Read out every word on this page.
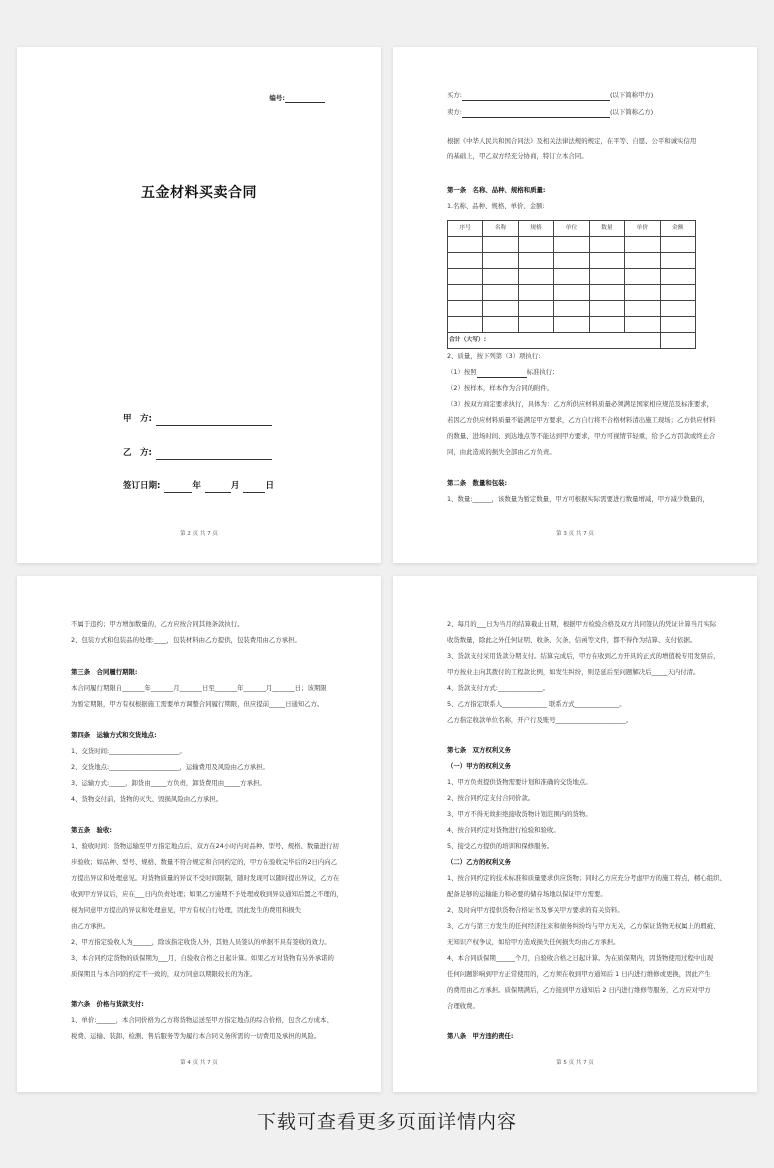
编号:
五金材料买卖合同
甲　方:
乙　方:
签订日期:	年	月	日
第 2 页 共 7 页
买方:	(以下简称甲方)
卖方:	(以下简称乙方)
根据《中华人民共和国合同法》及相关法律法规的规定，在平等、自愿、公平和诚实信用
的基础上，甲乙双方经充分协商，特订立本合同。
第一条　名称、品种、规格和质量:
1.名称、品种、规格、单价、金额:
序号	名称	规格	单位	数量	单价	金额

合计（大写）:						
2、质量，按下列第（3）项执行:
（1）按照	标准执行;
（2）按样本，样本作为合同的附件。
（3）按双方商定要求执行，具体为：乙方所供应材料质量必须满足国家相应规范及标准要求，
若因乙方供应材料质量不能满足甲方要求，乙方自行将不合格材料清出施工现场；乙方供应材料
的数量、进场时间、到达地点等不能达到甲方要求，甲方可视情节轻重，给予乙方罚款或终止合
同，由此造成的损失全部由乙方负责。
第二条　数量和包装:
1、数量:______，该数量为暂定数量，甲方可根据实际需要进行数量增减，甲方减少数量的，
第 3 页 共 7 页
不属于违约；甲方增加数量的，乙方应按合同其他条款执行。
2、包装方式和包装品的处理:____，包装材料由乙方提供，包装费用由乙方承担。
第三条　合同履行期限:
本合同履行期限自_______年_______月_______日至_______年_______月_______日；该期限
为暂定期限，甲方有权根据施工需要单方调整合同履行期限，但应提前_____日通知乙方。
第四条　运输方式和交货地点:
1、交货时间:______________________。
2、交货地点:______________________，运输费用及风险由乙方承担。
3、运输方式:_____，卸货由_____方负责，卸货费用由_____方承担。
4、货物交付前，货物的灭失、毁损风险由乙方承担。
第五条　验收:
1、验收时间：货物运输至甲方指定地点后，双方在24小时内对品种、型号、规格、数量进行初
步验收；如品种、型号、规格、数量不符合规定和合同约定的，甲方在验收完毕后的2日内向乙
方提出异议和处理意见。对货物质量的异议不受时间限制，随时发现可以随时提出异议，乙方在
收到甲方异议后，应在___日内负责处理；如果乙方逾期不予处理或收到异议通知后置之不理的，
视为同意甲方提出的异议和处理意见，甲方有权自行处理，因此发生的费用和损失
由乙方承担。
2、甲方指定验收人为______，除该指定收货人外，其他人员签认的单据不具有签收的效力。
3、本合同约定货物的质保期为___月，自验收合格之日起计算。如果乙方对货物有另外承诺的
质保期且与本合同的约定不一致的，双方同意以期限较长的为准。
第六条　价格与货款支付:
1、单价:______，本合同价格为乙方将货物运送至甲方指定地点的综合价格，包含乙方成本、
税费、运输、装卸、检测、售后服务等为履行本合同义务所需的一切费用及承担的风险。
第 4 页 共 7 页
2、每月的___日为当月的结算截止日期，根据甲方检验合格及双方共同签认的凭证计算当月实际
收货数量，除此之外任何证明、收条、欠条、信函等文件，都不得作为结算、支付依据。
3、货款支付采用货款分期支付。结算完成后，甲方在收到乙方开具的正式的增值税专用发票后，
甲方按业主向其拨付的工程款比例，如发生纠纷，则是延后至问题解决后_____天内付清。
4、货款支付方式:______________。
5、乙方指定联系人______________ 联系方式______________。
乙方指定收款单位名称，开户行及账号______________________。
第七条　双方权利义务
（一）甲方的权利义务
1、甲方负责提供货物需要计划和准确的交货地点。
2、按合同约定支付合同价款。
3、甲方不得无故拒绝接收货物计划范围内的货物。
4、按合同约定对货物进行检验和验收。
5、接受乙方提供的培训和保修服务。
（二）乙方的权利义务
1、按合同约定的技术标准和质量要求供应货物；同时乙方应充分考虑甲方的施工特点，精心组织、
配备足够的运输能力和必要的储存场地以保证甲方需要。
2、及时向甲方提供货物合格证书及事关甲方要求的有关资料。
3、乙方与第三方发生的任何经济往来和债务纠纷均与甲方无关，乙方保证货物无权属上的瑕疵、
无知识产权争议，如给甲方造成损失任何损失均由乙方承担。
4、本合同质保期______个月，自验收合格之日起计算。为在质保期内，因货物使用过程中出现
任何问题影响到甲方正常使用的，乙方须在收到甲方通知后 1 日内进行维修或更换，因此产生
的费用由乙方承担。质保期满后，乙方接到甲方通知后 2 日内进行维修等服务，乙方应对甲方
合理收费。
第八条　甲方违约责任:
第 5 页 共 7 页
下载可查看更多页面详情内容
